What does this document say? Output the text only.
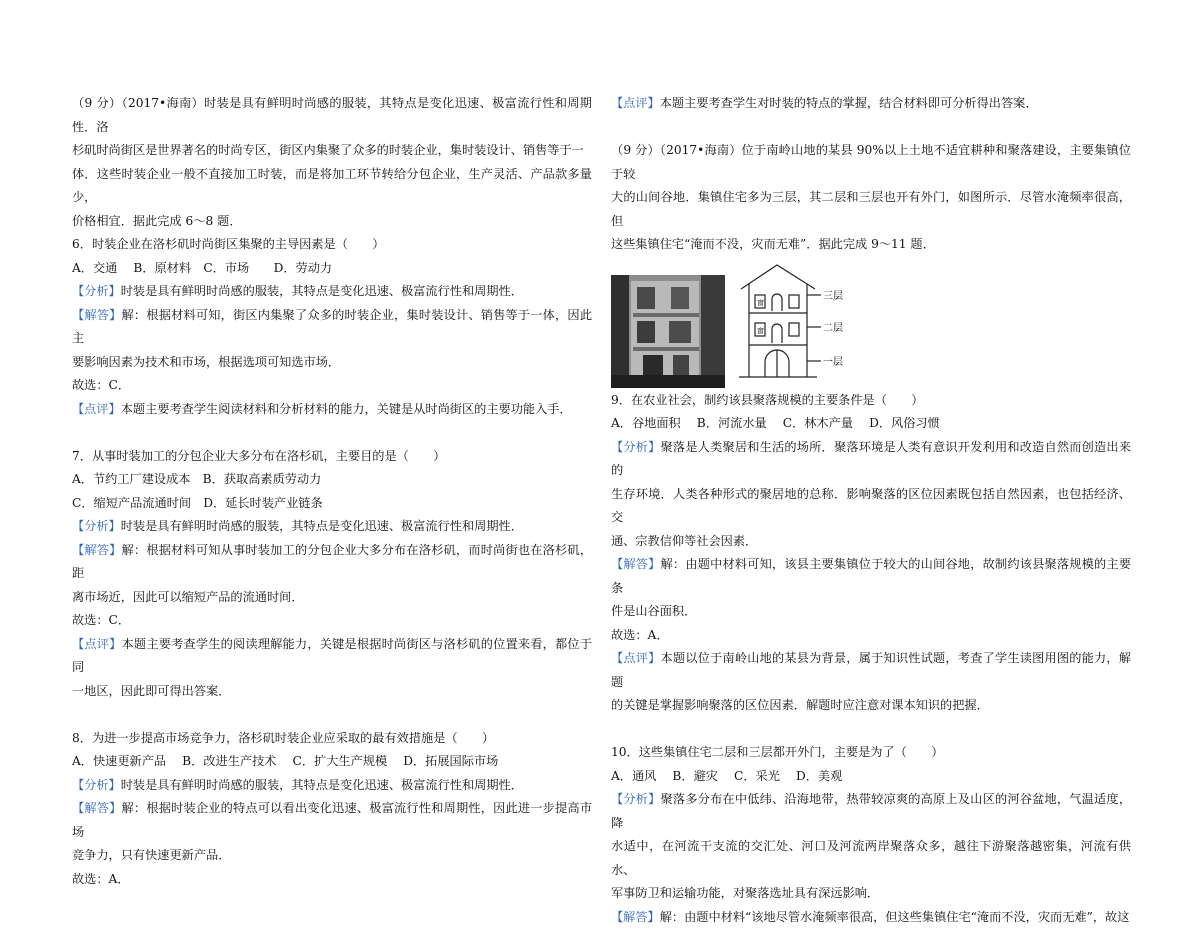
（9 分）（2017•海南）时装是具有鲜明时尚感的服装，其特点是变化迅速、极富流行性和周期性．洛

杉矶时尚街区是世界著名的时尚专区，街区内集聚了众多的时装企业，集时装设计、销售等于一

体．这些时装企业一般不直接加工时装，而是将加工环节转给分包企业，生产灵活、产品款多量少，

价格相宜．据此完成 6～8 题．

6．时装企业在洛杉矶时尚街区集聚的主导因素是（　　）

A．交通　 B．原材料　C．市场　　D．劳动力

【分析】时装是具有鲜明时尚感的服装，其特点是变化迅速、极富流行性和周期性．

【解答】解：根据材料可知，街区内集聚了众多的时装企业，集时装设计、销售等于一体，因此主

要影响因素为技术和市场，根据选项可知选市场．

故选：C．

【点评】本题主要考查学生阅读材料和分析材料的能力，关键是从时尚街区的主要功能入手．

7．从事时装加工的分包企业大多分布在洛杉矶，主要目的是（　　）

A．节约工厂建设成本　B．获取高素质劳动力

C．缩短产品流通时间　D．延长时装产业链条

【分析】时装是具有鲜明时尚感的服装，其特点是变化迅速、极富流行性和周期性．

【解答】解：根据材料可知从事时装加工的分包企业大多分布在洛杉矶，而时尚街也在洛杉矶，距

离市场近，因此可以缩短产品的流通时间．

故选：C．

【点评】本题主要考查学生的阅读理解能力，关键是根据时尚街区与洛杉矶的位置来看，都位于同

一地区，因此即可得出答案．

8．为进一步提高市场竞争力，洛杉矶时装企业应采取的最有效措施是（　　）

A．快速更新产品　 B．改进生产技术　 C．扩大生产规模　 D．拓展国际市场

【分析】时装是具有鲜明时尚感的服装，其特点是变化迅速、极富流行性和周期性．

【解答】解：根据时装企业的特点可以看出变化迅速、极富流行性和周期性，因此进一步提高市场

竞争力，只有快速更新产品．

故选：A．

【点评】本题主要考查学生对时装的特点的掌握，结合材料即可分析得出答案．

（9 分）（2017•海南）位于南岭山地的某县 90%以上土地不适宜耕种和聚落建设，主要集镇位于较

大的山间谷地．集镇住宅多为三层，其二层和三层也开有外门，如图所示．尽管水淹频率很高，但

这些集镇住宅“淹而不没，灾而无难”．据此完成 9～11 题．

窗
窗
三层
二层
一层

9．在农业社会，制约该县聚落规模的主要条件是（　　）

A．谷地面积　 B．河流水量　 C．林木产量　 D．风俗习惯

【分析】聚落是人类聚居和生活的场所．聚落环境是人类有意识开发利用和改造自然而创造出来的

生存环境．人类各种形式的聚居地的总称．影响聚落的区位因素既包括自然因素，也包括经济、交

通、宗教信仰等社会因素．

【解答】解：由题中材料可知，该县主要集镇位于较大的山间谷地，故制约该县聚落规模的主要条

件是山谷面积．

故选：A．

【点评】本题以位于南岭山地的某县为背景，属于知识性试题，考查了学生读图用图的能力，解题

的关键是掌握影响聚落的区位因素．解题时应注意对课本知识的把握．

10．这些集镇住宅二层和三层都开外门，主要是为了（　　）

A．通风　 B．避灾　 C．采光　 D．美观

【分析】聚落多分布在中低纬、沿海地带，热带较凉爽的高原上及山区的河谷盆地，气温适度，降

水适中，在河流干支流的交汇处、河口及河流两岸聚落众多，越往下游聚落越密集，河流有供水、

军事防卫和运输功能，对聚落选址具有深远影响．

【解答】解：由题中材料“该地尽管水淹频率很高，但这些集镇住宅“淹而不没，灾而无难”，故这
